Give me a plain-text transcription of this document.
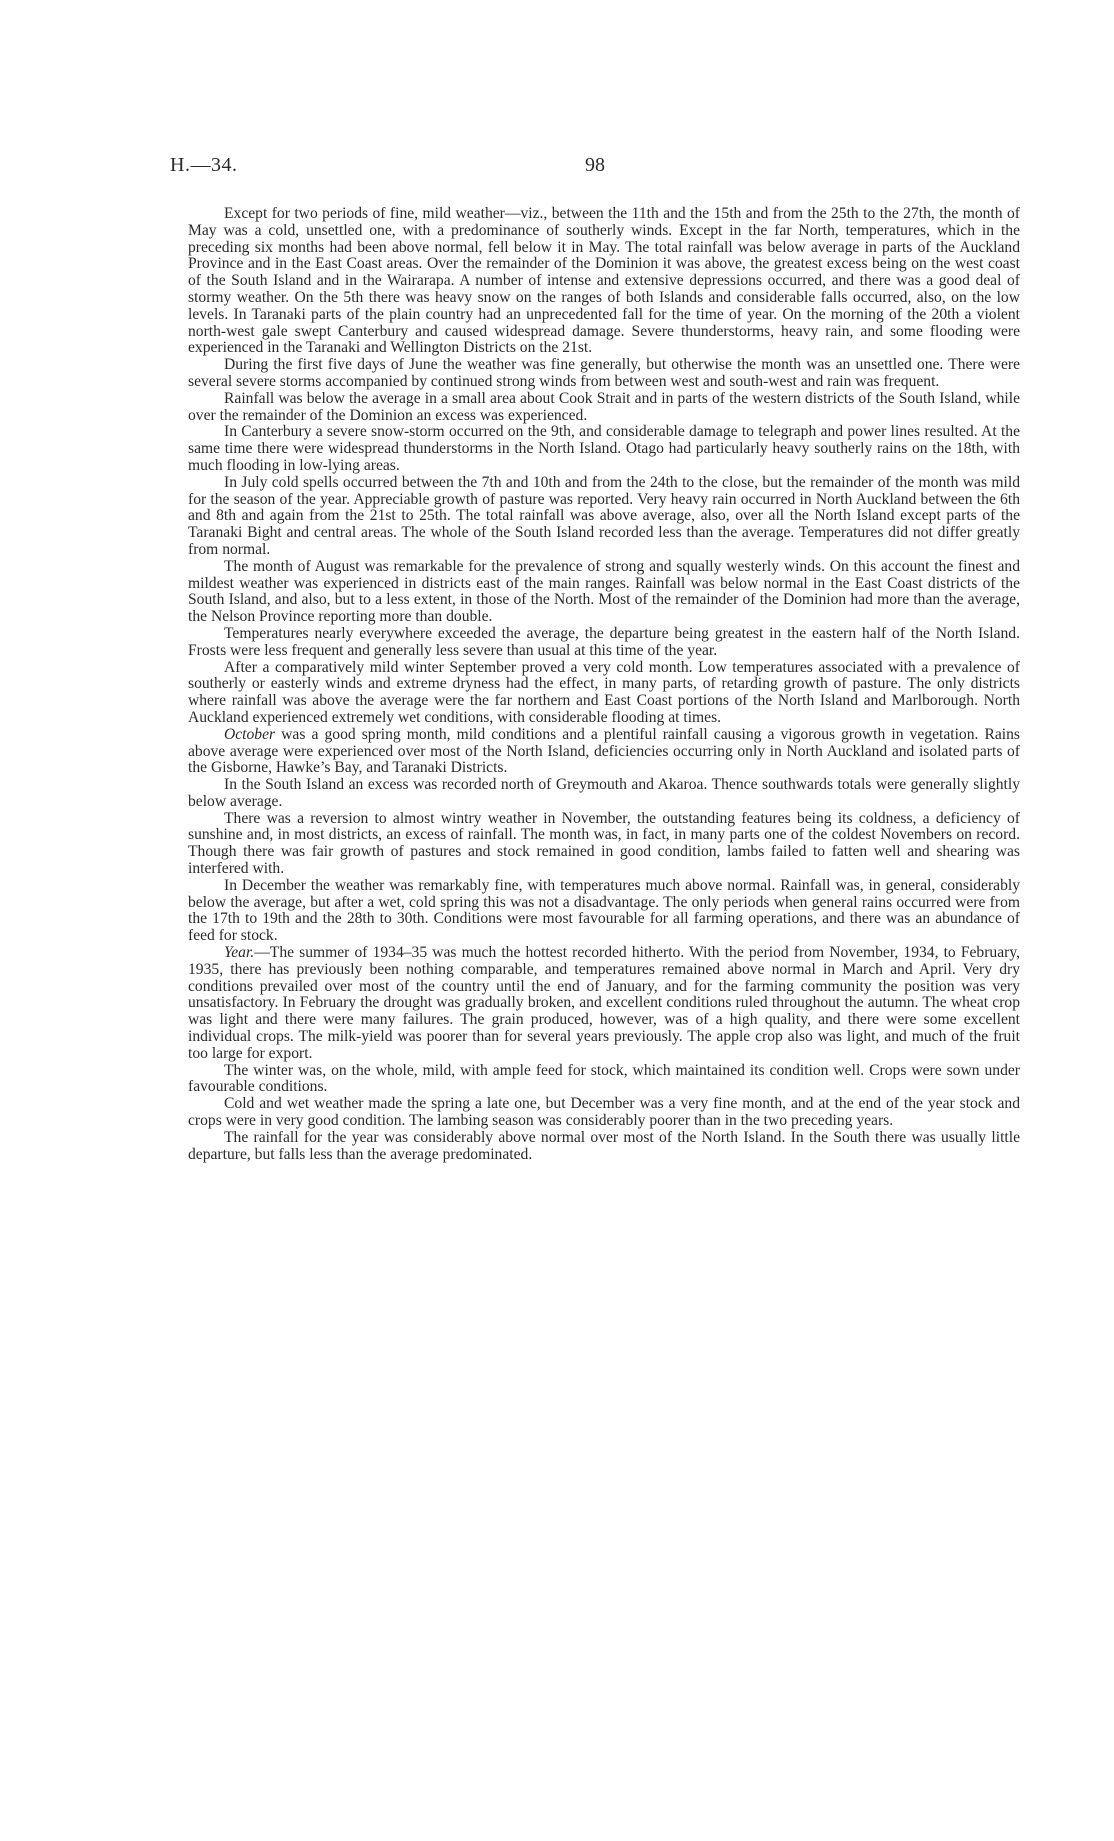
H.—34.	98

Except for two periods of fine, mild weather—viz., between the 11th and the 15th and from the 25th to the 27th, the month of May was a cold, unsettled one, with a predominance of southerly winds. Except in the far North, temperatures, which in the preceding six months had been above normal, fell below it in May. The total rainfall was below average in parts of the Auckland Province and in the East Coast areas. Over the remainder of the Dominion it was above, the greatest excess being on the west coast of the South Island and in the Wairarapa. A number of intense and extensive depressions occurred, and there was a good deal of stormy weather. On the 5th there was heavy snow on the ranges of both Islands and considerable falls occurred, also, on the low levels. In Taranaki parts of the plain country had an unprecedented fall for the time of year. On the morning of the 20th a violent north-west gale swept Canterbury and caused widespread damage. Severe thunderstorms, heavy rain, and some flooding were experienced in the Taranaki and Wellington Districts on the 21st.

During the first five days of June the weather was fine generally, but otherwise the month was an unsettled one. There were several severe storms accompanied by continued strong winds from between west and south-west and rain was frequent.

Rainfall was below the average in a small area about Cook Strait and in parts of the western districts of the South Island, while over the remainder of the Dominion an excess was experienced.

In Canterbury a severe snow-storm occurred on the 9th, and considerable damage to telegraph and power lines resulted. At the same time there were widespread thunderstorms in the North Island. Otago had particularly heavy southerly rains on the 18th, with much flooding in low-lying areas.

In July cold spells occurred between the 7th and 10th and from the 24th to the close, but the remainder of the month was mild for the season of the year. Appreciable growth of pasture was reported. Very heavy rain occurred in North Auckland between the 6th and 8th and again from the 21st to 25th. The total rainfall was above average, also, over all the North Island except parts of the Taranaki Bight and central areas. The whole of the South Island recorded less than the average. Temperatures did not differ greatly from normal.

The month of August was remarkable for the prevalence of strong and squally westerly winds. On this account the finest and mildest weather was experienced in districts east of the main ranges. Rainfall was below normal in the East Coast districts of the South Island, and also, but to a less extent, in those of the North. Most of the remainder of the Dominion had more than the average, the Nelson Province reporting more than double.

Temperatures nearly everywhere exceeded the average, the departure being greatest in the eastern half of the North Island. Frosts were less frequent and generally less severe than usual at this time of the year.

After a comparatively mild winter September proved a very cold month. Low temperatures associated with a prevalence of southerly or easterly winds and extreme dryness had the effect, in many parts, of retarding growth of pasture. The only districts where rainfall was above the average were the far northern and East Coast portions of the North Island and Marlborough. North Auckland experienced extremely wet conditions, with considerable flooding at times.

October was a good spring month, mild conditions and a plentiful rainfall causing a vigorous growth in vegetation. Rains above average were experienced over most of the North Island, deficiencies occurring only in North Auckland and isolated parts of the Gisborne, Hawke’s Bay, and Taranaki Districts.

In the South Island an excess was recorded north of Greymouth and Akaroa. Thence southwards totals were generally slightly below average.

There was a reversion to almost wintry weather in November, the outstanding features being its coldness, a deficiency of sunshine and, in most districts, an excess of rainfall. The month was, in fact, in many parts one of the coldest Novembers on record. Though there was fair growth of pastures and stock remained in good condition, lambs failed to fatten well and shearing was interfered with.

In December the weather was remarkably fine, with temperatures much above normal. Rainfall was, in general, considerably below the average, but after a wet, cold spring this was not a disadvantage. The only periods when general rains occurred were from the 17th to 19th and the 28th to 30th. Conditions were most favourable for all farming operations, and there was an abundance of feed for stock.

Year.—The summer of 1934–35 was much the hottest recorded hitherto. With the period from November, 1934, to February, 1935, there has previously been nothing comparable, and temperatures remained above normal in March and April. Very dry conditions prevailed over most of the country until the end of January, and for the farming community the position was very unsatisfactory. In February the drought was gradually broken, and excellent conditions ruled throughout the autumn. The wheat crop was light and there were many failures. The grain produced, however, was of a high quality, and there were some excellent individual crops. The milk-yield was poorer than for several years previously. The apple crop also was light, and much of the fruit too large for export.

The winter was, on the whole, mild, with ample feed for stock, which maintained its condition well. Crops were sown under favourable conditions.

Cold and wet weather made the spring a late one, but December was a very fine month, and at the end of the year stock and crops were in very good condition. The lambing season was considerably poorer than in the two preceding years.

The rainfall for the year was considerably above normal over most of the North Island. In the South there was usually little departure, but falls less than the average predominated.
